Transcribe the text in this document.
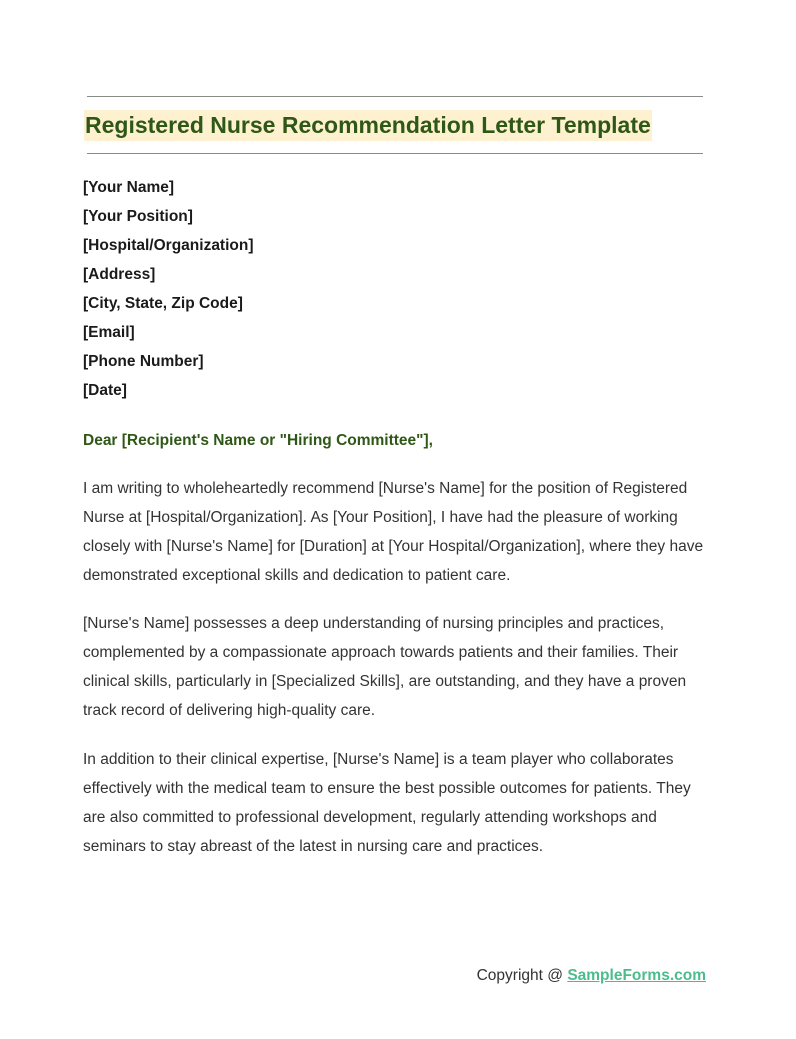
Registered Nurse Recommendation Letter Template
[Your Name]
[Your Position]
[Hospital/Organization]
[Address]
[City, State, Zip Code]
[Email]
[Phone Number]
[Date]
Dear [Recipient's Name or "Hiring Committee"],

I am writing to wholeheartedly recommend [Nurse's Name] for the position of Registered Nurse at [Hospital/Organization]. As [Your Position], I have had the pleasure of working closely with [Nurse's Name] for [Duration] at [Your Hospital/Organization], where they have demonstrated exceptional skills and dedication to patient care.

[Nurse's Name] possesses a deep understanding of nursing principles and practices, complemented by a compassionate approach towards patients and their families. Their clinical skills, particularly in [Specialized Skills], are outstanding, and they have a proven track record of delivering high-quality care.

In addition to their clinical expertise, [Nurse's Name] is a team player who collaborates effectively with the medical team to ensure the best possible outcomes for patients. They are also committed to professional development, regularly attending workshops and seminars to stay abreast of the latest in nursing care and practices.

Copyright @ SampleForms.com
